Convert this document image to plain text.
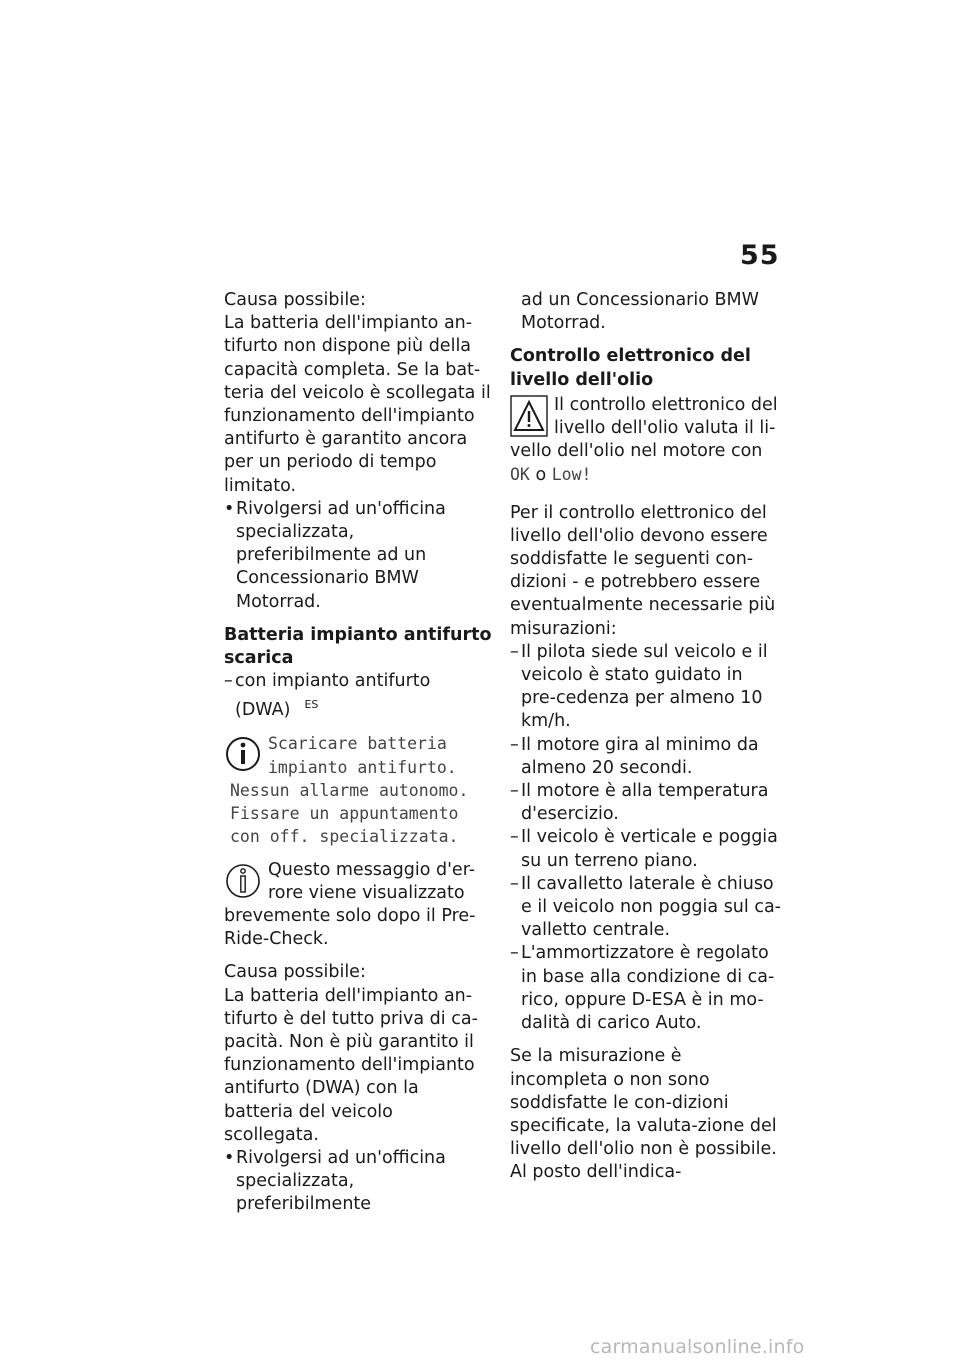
55

Causa possibile:

La batteria dell'impianto an-tifurto non dispone più della capacità completa. Se la bat-teria del veicolo è scollegata il funzionamento dell'impianto antifurto è garantito ancora per un periodo di tempo limitato.

• Rivolgersi ad un'officina specializzata, preferibilmente ad un Concessionario BMW Motorrad.

Batteria impianto antifurto scarica

– con impianto antifurto (DWA) $^{ES}$

Scaricare batteria impianto antifurto. Nessun allarme autonomo. Fissare un appuntamento con off. specializzata.

Questo messaggio d'er-rore viene visualizzato brevemente solo dopo il Pre-Ride-Check.

Causa possibile:

La batteria dell'impianto an-tifurto è del tutto priva di ca-pacità. Non è più garantito il funzionamento dell'impianto antifurto (DWA) con la batteria del veicolo scollegata.

• Rivolgersi ad un'officina specializzata, preferibilmente

ad un Concessionario BMW Motorrad.

Controllo elettronico del livello dell'olio

Il controllo elettronico del livello dell'olio valuta il li-vello dell'olio nel motore con
OK o Low!

Per il controllo elettronico del livello dell'olio devono essere soddisfatte le seguenti con-dizioni - e potrebbero essere eventualmente necessarie più misurazioni:

– Il pilota siede sul veicolo e il veicolo è stato guidato in pre-cedenza per almeno 10 km/h.
– Il motore gira al minimo da almeno 20 secondi.
– Il motore è alla temperatura d'esercizio.
– Il veicolo è verticale e poggia su un terreno piano.
– Il cavalletto laterale è chiuso e il veicolo non poggia sul ca-valletto centrale.
– L'ammortizzatore è regolato in base alla condizione di ca-rico, oppure D-ESA è in mo-dalità di carico Auto.

Se la misurazione è incompleta o non sono soddisfatte le con-dizioni specificate, la valuta-zione del livello dell'olio non è possibile. Al posto dell'indica-

carmanualsonline.info
